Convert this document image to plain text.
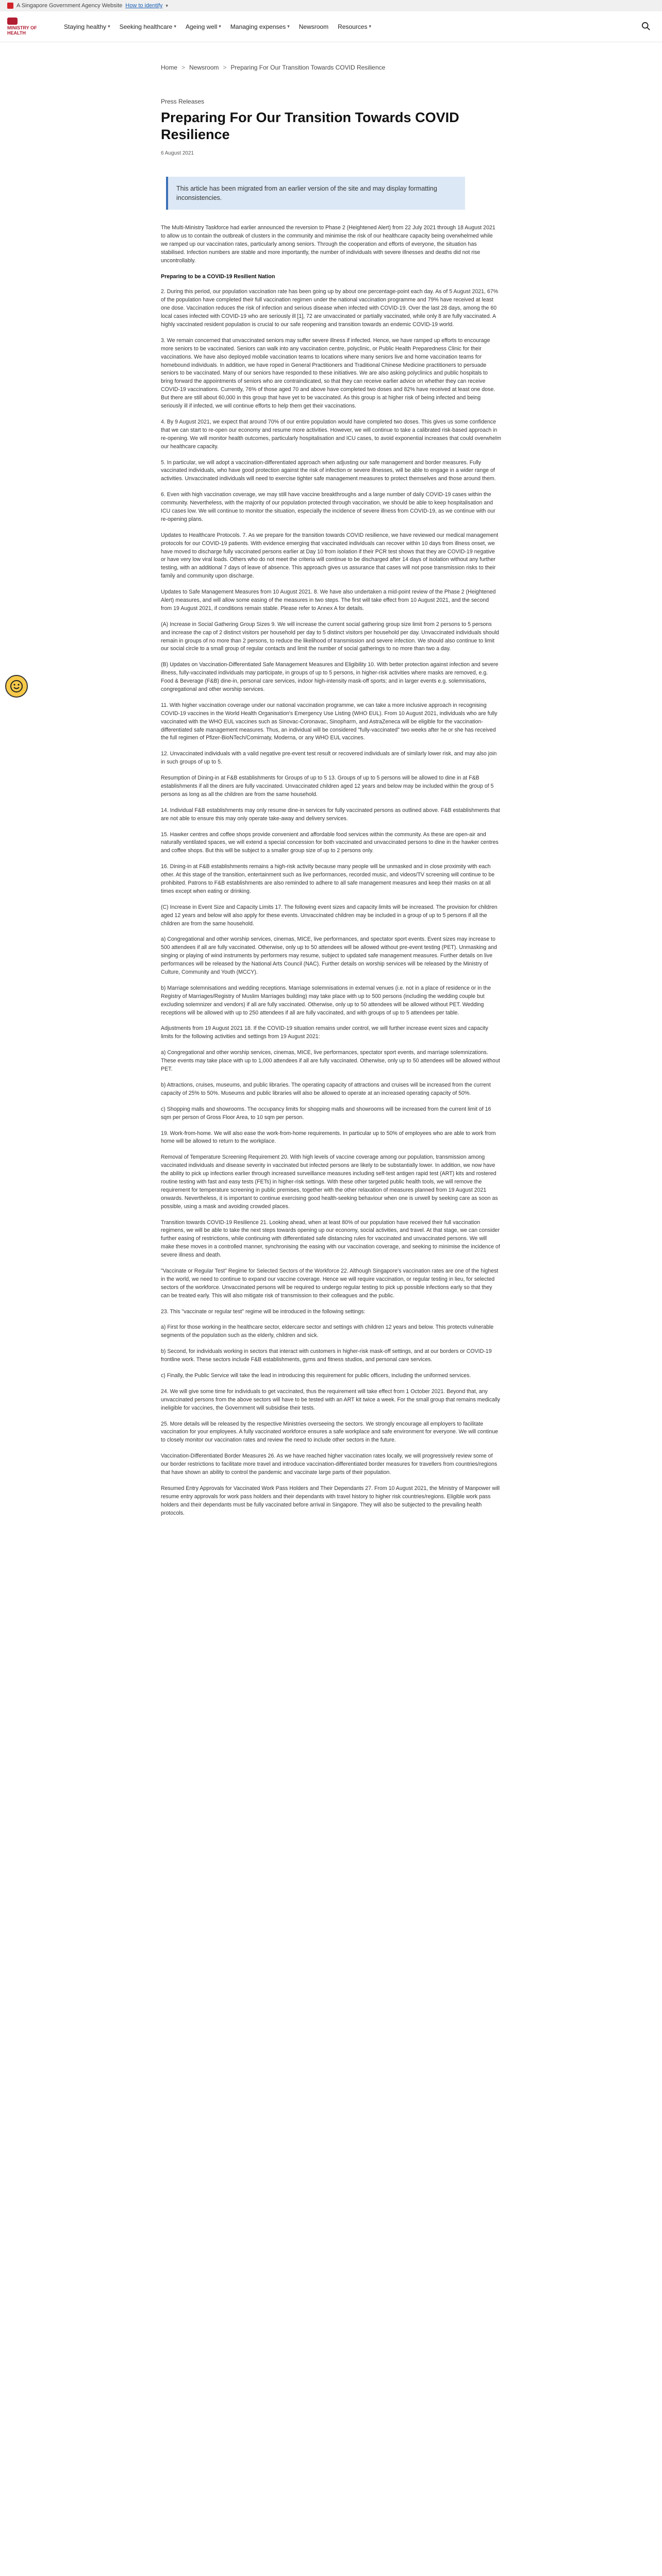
A Singapore Government Agency Website How to identify ▾
MINISTRY OF HEALTH
Staying healthy ▾ Seeking healthcare ▾ Ageing well ▾ Managing expenses ▾ Newsroom Resources ▾
Home > Newsroom > Preparing For Our Transition Towards COVID Resilience
Press Releases
Preparing For Our Transition Towards COVID Resilience
6 August 2021
This article has been migrated from an earlier version of the site and may display formatting inconsistencies.

The Multi-Ministry Taskforce had earlier announced the reversion to Phase 2 (Heightened Alert) from 22 July 2021 through 18 August 2021 to allow us to contain the outbreak of clusters in the community and minimise the risk of our healthcare capacity being overwhelmed while we ramped up our vaccination rates, particularly among seniors. Through the cooperation and efforts of everyone, the situation has stabilised. Infection numbers are stable and more importantly, the number of individuals with severe illnesses and deaths did not rise uncontrollably.

Preparing to be a COVID-19 Resilient Nation

2. During this period, our population vaccination rate has been going up by about one percentage-point each day. As of 5 August 2021, 67% of the population have completed their full vaccination regimen under the national vaccination programme and 79% have received at least one dose. Vaccination reduces the risk of infection and serious disease when infected with COVID-19. Over the last 28 days, among the 60 local cases infected with COVID-19 who are seriously ill [1], 72 are unvaccinated or partially vaccinated, while only 8 are fully vaccinated. A highly vaccinated resident population is crucial to our safe reopening and transition towards an endemic COVID-19 world.

3. We remain concerned that unvaccinated seniors may suffer severe illness if infected. Hence, we have ramped up efforts to encourage more seniors to be vaccinated. Seniors can walk into any vaccination centre, polyclinic, or Public Health Preparedness Clinic for their vaccinations. We have also deployed mobile vaccination teams to locations where many seniors live and home vaccination teams for homebound individuals. In addition, we have roped in General Practitioners and Traditional Chinese Medicine practitioners to persuade seniors to be vaccinated. Many of our seniors have responded to these initiatives. We are also asking polyclinics and public hospitals to bring forward the appointments of seniors who are contraindicated, so that they can receive earlier advice on whether they can receive COVID-19 vaccinations. Currently, 76% of those aged 70 and above have completed two doses and 82% have received at least one dose. But there are still about 60,000 in this group that have yet to be vaccinated. As this group is at higher risk of being infected and being seriously ill if infected, we will continue efforts to help them get their vaccinations.

4. By 9 August 2021, we expect that around 70% of our entire population would have completed two doses. This gives us some confidence that we can start to re-open our economy and resume more activities. However, we will continue to take a calibrated risk-based approach in re-opening. We will monitor health outcomes, particularly hospitalisation and ICU cases, to avoid exponential increases that could overwhelm our healthcare capacity.

5. In particular, we will adopt a vaccination-differentiated approach when adjusting our safe management and border measures. Fully vaccinated individuals, who have good protection against the risk of infection or severe illnesses, will be able to engage in a wider range of activities. Unvaccinated individuals will need to exercise tighter safe management measures to protect themselves and those around them.

6. Even with high vaccination coverage, we may still have vaccine breakthroughs and a large number of daily COVID-19 cases within the community. Nevertheless, with the majority of our population protected through vaccination, we should be able to keep hospitalisation and ICU cases low. We will continue to monitor the situation, especially the incidence of severe illness from COVID-19, as we continue with our re-opening plans.

Updates to Healthcare Protocols. 7. As we prepare for the transition towards COVID resilience, we have reviewed our medical management protocols for our COVID-19 patients. With evidence emerging that vaccinated individuals can recover within 10 days from illness onset, we have moved to discharge fully vaccinated persons earlier at Day 10 from isolation if their PCR test shows that they are COVID-19 negative or have very low viral loads. Others who do not meet the criteria will continue to be discharged after 14 days of isolation without any further testing, with an additional 7 days of leave of absence. This approach gives us assurance that cases will not pose transmission risks to their family and community upon discharge.

Updates to Safe Management Measures from 10 August 2021. 8. We have also undertaken a mid-point review of the Phase 2 (Heightened Alert) measures, and will allow some easing of the measures in two steps. The first will take effect from 10 August 2021, and the second from 19 August 2021, if conditions remain stable. Please refer to Annex A for details.

(A) Increase in Social Gathering Group Sizes 9. We will increase the current social gathering group size limit from 2 persons to 5 persons and increase the cap of 2 distinct visitors per household per day to 5 distinct visitors per household per day. Unvaccinated individuals should remain in groups of no more than 2 persons, to reduce the likelihood of transmission and severe infection. We should also continue to limit our social circle to a small group of regular contacts and limit the number of social gatherings to no more than two a day.

(B) Updates on Vaccination-Differentiated Safe Management Measures and Eligibility 10. With better protection against infection and severe illness, fully-vaccinated individuals may participate, in groups of up to 5 persons, in higher-risk activities where masks are removed, e.g. Food & Beverage (F&B) dine-in, personal care services, indoor high-intensity mask-off sports; and in larger events e.g. solemnisations, congregational and other worship services.

11. With higher vaccination coverage under our national vaccination programme, we can take a more inclusive approach in recognising COVID-19 vaccines in the World Health Organisation's Emergency Use Listing (WHO EUL). From 10 August 2021, individuals who are fully vaccinated with the WHO EUL vaccines such as Sinovac-Coronavac, Sinopharm, and AstraZeneca will be eligible for the vaccination-differentiated safe management measures. Thus, an individual will be considered "fully-vaccinated" two weeks after he or she has received the full regimen of Pfizer-BioNTech/Comirnaty, Moderna, or any WHO EUL vaccines.

12. Unvaccinated individuals with a valid negative pre-event test result or recovered individuals are of similarly lower risk, and may also join in such groups of up to 5.

Resumption of Dining-in at F&B establishments for Groups of up to 5 13. Groups of up to 5 persons will be allowed to dine in at F&B establishments if all the diners are fully vaccinated. Unvaccinated children aged 12 years and below may be included within the group of 5 persons as long as all the children are from the same household.

14. Individual F&B establishments may only resume dine-in services for fully vaccinated persons as outlined above. F&B establishments that are not able to ensure this may only operate take-away and delivery services.

15. Hawker centres and coffee shops provide convenient and affordable food services within the community. As these are open-air and naturally ventilated spaces, we will extend a special concession for both vaccinated and unvaccinated persons to dine in the hawker centres and coffee shops. But this will be subject to a smaller group size of up to 2 persons only.

16. Dining-in at F&B establishments remains a high-risk activity because many people will be unmasked and in close proximity with each other. At this stage of the transition, entertainment such as live performances, recorded music, and videos/TV screening will continue to be prohibited. Patrons to F&B establishments are also reminded to adhere to all safe management measures and keep their masks on at all times except when eating or drinking.

(C) Increase in Event Size and Capacity Limits 17. The following event sizes and capacity limits will be increased. The provision for children aged 12 years and below will also apply for these events. Unvaccinated children may be included in a group of up to 5 persons if all the children are from the same household.

a) Congregational and other worship services, cinemas, MICE, live performances, and spectator sport events. Event sizes may increase to 500 attendees if all are fully vaccinated. Otherwise, only up to 50 attendees will be allowed without pre-event testing (PET). Unmasking and singing or playing of wind instruments by performers may resume, subject to updated safe management measures. Further details on live performances will be released by the National Arts Council (NAC). Further details on worship services will be released by the Ministry of Culture, Community and Youth (MCCY).

b) Marriage solemnisations and wedding receptions. Marriage solemnisations in external venues (i.e. not in a place of residence or in the Registry of Marriages/Registry of Muslim Marriages building) may take place with up to 500 persons (including the wedding couple but excluding solemnizer and vendors) if all are fully vaccinated. Otherwise, only up to 50 attendees will be allowed without PET. Wedding receptions will be allowed with up to 250 attendees if all are fully vaccinated, and with groups of up to 5 attendees per table.

Adjustments from 19 August 2021 18. If the COVID-19 situation remains under control, we will further increase event sizes and capacity limits for the following activities and settings from 19 August 2021:

a) Congregational and other worship services, cinemas, MICE, live performances, spectator sport events, and marriage solemnizations. These events may take place with up to 1,000 attendees if all are fully vaccinated. Otherwise, only up to 50 attendees will be allowed without PET.

b) Attractions, cruises, museums, and public libraries. The operating capacity of attractions and cruises will be increased from the current capacity of 25% to 50%. Museums and public libraries will also be allowed to operate at an increased operating capacity of 50%.

c) Shopping malls and showrooms. The occupancy limits for shopping malls and showrooms will be increased from the current limit of 16 sqm per person of Gross Floor Area, to 10 sqm per person.

19. Work-from-home. We will also ease the work-from-home requirements. In particular up to 50% of employees who are able to work from home will be allowed to return to the workplace.

Removal of Temperature Screening Requirement 20. With high levels of vaccine coverage among our population, transmission among vaccinated individuals and disease severity in vaccinated but infected persons are likely to be substantially lower. In addition, we now have the ability to pick up infections earlier through increased surveillance measures including self-test antigen rapid test (ART) kits and rostered routine testing with fast and easy tests (FETs) in higher-risk settings. With these other targeted public health tools, we will remove the requirement for temperature screening in public premises, together with the other relaxation of measures planned from 19 August 2021 onwards. Nevertheless, it is important to continue exercising good health-seeking behaviour when one is unwell by seeking care as soon as possible, using a mask and avoiding crowded places.

Transition towards COVID-19 Resilience 21. Looking ahead, when at least 80% of our population have received their full vaccination regimens, we will be able to take the next steps towards opening up our economy, social activities, and travel. At that stage, we can consider further easing of restrictions, while continuing with differentiated safe distancing rules for vaccinated and unvaccinated persons. We will make these moves in a controlled manner, synchronising the easing with our vaccination coverage, and seeking to minimise the incidence of severe illness and death.

"Vaccinate or Regular Test" Regime for Selected Sectors of the Workforce 22. Although Singapore's vaccination rates are one of the highest in the world, we need to continue to expand our vaccine coverage. Hence we will require vaccination, or regular testing in lieu, for selected sectors of the workforce. Unvaccinated persons will be required to undergo regular testing to pick up possible infections early so that they can be treated early. This will also mitigate risk of transmission to their colleagues and the public.

23. This "vaccinate or regular test" regime will be introduced in the following settings:

a) First for those working in the healthcare sector, eldercare sector and settings with children 12 years and below. This protects vulnerable segments of the population such as the elderly, children and sick.

b) Second, for individuals working in sectors that interact with customers in higher-risk mask-off settings, and at our borders or COVID-19 frontline work. These sectors include F&B establishments, gyms and fitness studios, and personal care services.

c) Finally, the Public Service will take the lead in introducing this requirement for public officers, including the uniformed services.

24. We will give some time for individuals to get vaccinated, thus the requirement will take effect from 1 October 2021. Beyond that, any unvaccinated persons from the above sectors will have to be tested with an ART kit twice a week. For the small group that remains medically ineligible for vaccines, the Government will subsidise their tests.

25. More details will be released by the respective Ministries overseeing the sectors. We strongly encourage all employers to facilitate vaccination for your employees. A fully vaccinated workforce ensures a safe workplace and safe environment for everyone. We will continue to closely monitor our vaccination rates and review the need to include other sectors in the future.

Vaccination-Differentiated Border Measures 26. As we have reached higher vaccination rates locally, we will progressively review some of our border restrictions to facilitate more travel and introduce vaccination-differentiated border measures for travellers from countries/regions that have shown an ability to control the pandemic and vaccinate large parts of their population.

Resumed Entry Approvals for Vaccinated Work Pass Holders and Their Dependants 27. From 10 August 2021, the Ministry of Manpower will resume entry approvals for work pass holders and their dependants with travel history to higher risk countries/regions. Eligible work pass holders and their dependants must be fully vaccinated before arrival in Singapore. They will also be subjected to the prevailing health protocols.
